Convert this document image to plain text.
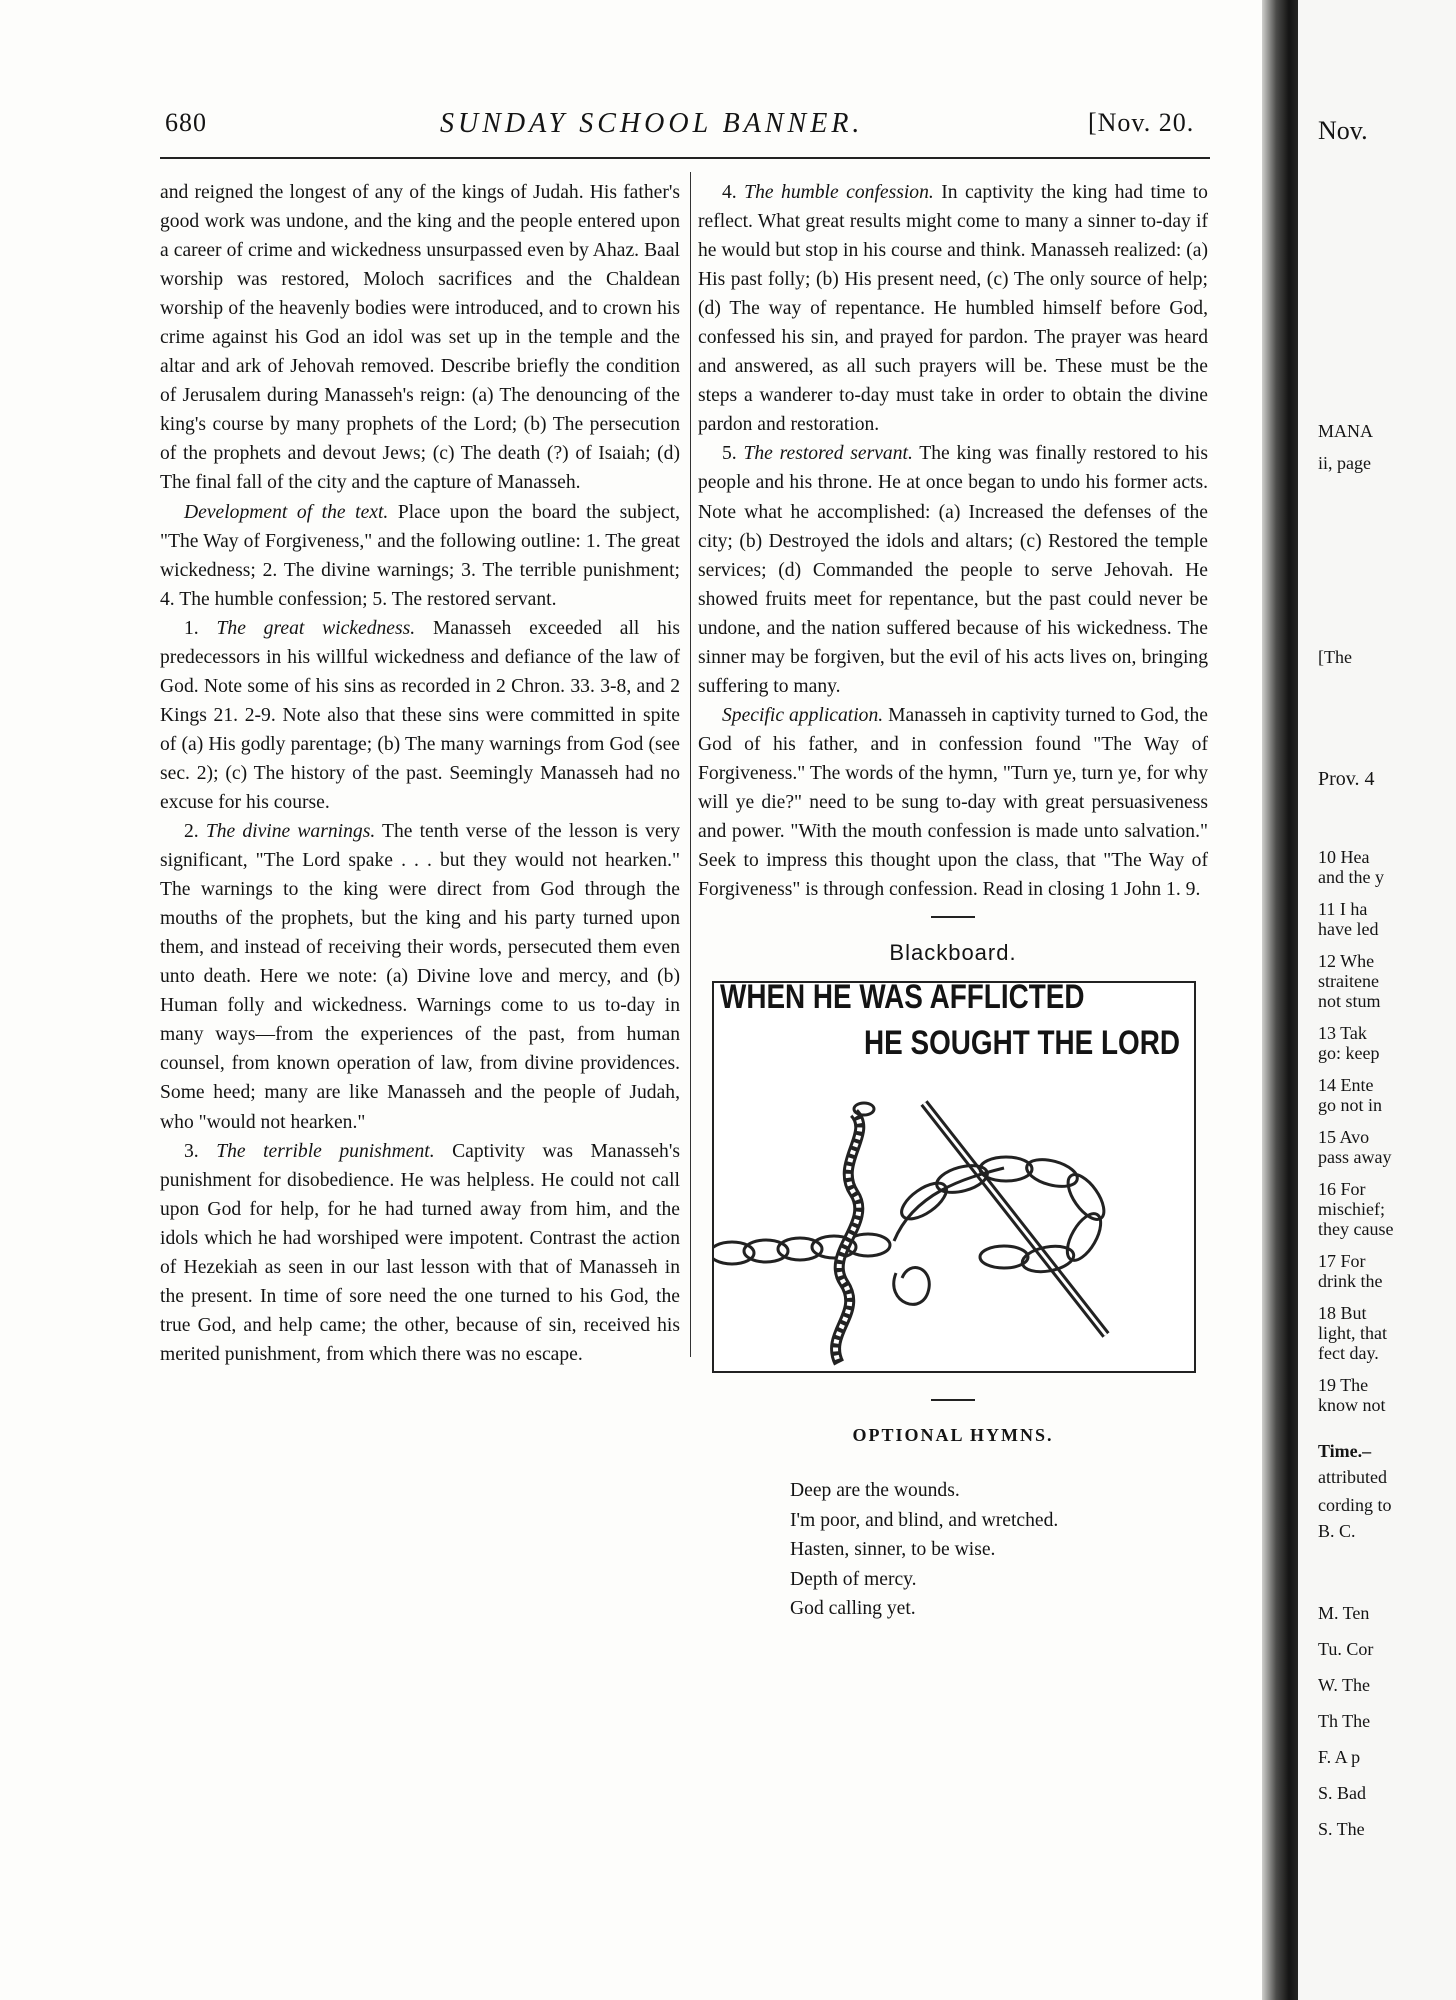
680	SUNDAY SCHOOL BANNER.	[Nov. 20.

and reigned the longest of any of the kings of Judah. His father's good work was undone, and the king and the people entered upon a career of crime and wickedness unsurpassed even by Ahaz. Baal worship was restored, Moloch sacrifices and the Chaldean worship of the heavenly bodies were introduced, and to crown his crime against his God an idol was set up in the temple and the altar and ark of Jehovah removed. Describe briefly the condition of Jerusalem during Manasseh's reign: (a) The denouncing of the king's course by many prophets of the Lord; (b) The persecution of the prophets and devout Jews; (c) The death (?) of Isaiah; (d) The final fall of the city and the capture of Manasseh.

Development of the text. Place upon the board the subject, "The Way of Forgiveness," and the following outline: 1. The great wickedness; 2. The divine warnings; 3. The terrible punishment; 4. The humble confession; 5. The restored servant.

1. The great wickedness. Manasseh exceeded all his predecessors in his willful wickedness and defiance of the law of God. Note some of his sins as recorded in 2 Chron. 33. 3-8, and 2 Kings 21. 2-9. Note also that these sins were committed in spite of (a) His godly parentage; (b) The many warnings from God (see sec. 2); (c) The history of the past. Seemingly Manasseh had no excuse for his course.

2. The divine warnings. The tenth verse of the lesson is very significant, "The Lord spake . . . but they would not hearken." The warnings to the king were direct from God through the mouths of the prophets, but the king and his party turned upon them, and instead of receiving their words, persecuted them even unto death. Here we note: (a) Divine love and mercy, and (b) Human folly and wickedness. Warnings come to us to-day in many ways—from the experiences of the past, from human counsel, from known operation of law, from divine providences. Some heed; many are like Manasseh and the people of Judah, who "would not hearken."

3. The terrible punishment. Captivity was Manasseh's punishment for disobedience. He was helpless. He could not call upon God for help, for he had turned away from him, and the idols which he had worshiped were impotent. Contrast the action of Hezekiah as seen in our last lesson with that of Manasseh in the present. In time of sore need the one turned to his God, the true God, and help came; the other, because of sin, received his merited punishment, from which there was no escape.

4. The humble confession. In captivity the king had time to reflect. What great results might come to many a sinner to-day if he would but stop in his course and think. Manasseh realized: (a) His past folly; (b) His present need, (c) The only source of help; (d) The way of repentance. He humbled himself before God, confessed his sin, and prayed for pardon. The prayer was heard and answered, as all such prayers will be. These must be the steps a wanderer to-day must take in order to obtain the divine pardon and restoration.

5. The restored servant. The king was finally restored to his people and his throne. He at once began to undo his former acts. Note what he accomplished: (a) Increased the defenses of the city; (b) Destroyed the idols and altars; (c) Restored the temple services; (d) Commanded the people to serve Jehovah. He showed fruits meet for repentance, but the past could never be undone, and the nation suffered because of his wickedness. The sinner may be forgiven, but the evil of his acts lives on, bringing suffering to many.

Specific application. Manasseh in captivity turned to God, the God of his father, and in confession found "The Way of Forgiveness." The words of the hymn, "Turn ye, turn ye, for why will ye die?" need to be sung to-day with great persuasiveness and power. "With the mouth confession is made unto salvation." Seek to impress this thought upon the class, that "The Way of Forgiveness" is through confession. Read in closing 1 John 1. 9.

Blackboard.
WHEN HE WAS AFFLICTED
HE SOUGHT THE LORD
OPTIONAL HYMNS.
Deep are the wounds.
I'm poor, and blind, and wretched.
Hasten, sinner, to be wise.
Depth of mercy.
God calling yet.
Nov.
MANA
ii, page
[The
Prov. 4
10 Hea
and the y
11 I ha
have led
12 Whe
straitene
not stum
13 Tak
go: keep
14 Ente
go not in
15 Avo
pass away
16 For
mischief;
they cause
17 For
drink the
18 But
light, that
fect day.
19 The
know not
Time.–
attributed
cording to
B. C.
M. Ten
Tu. Cor
W. The
Th The
F. A p
S. Bad
S. The
